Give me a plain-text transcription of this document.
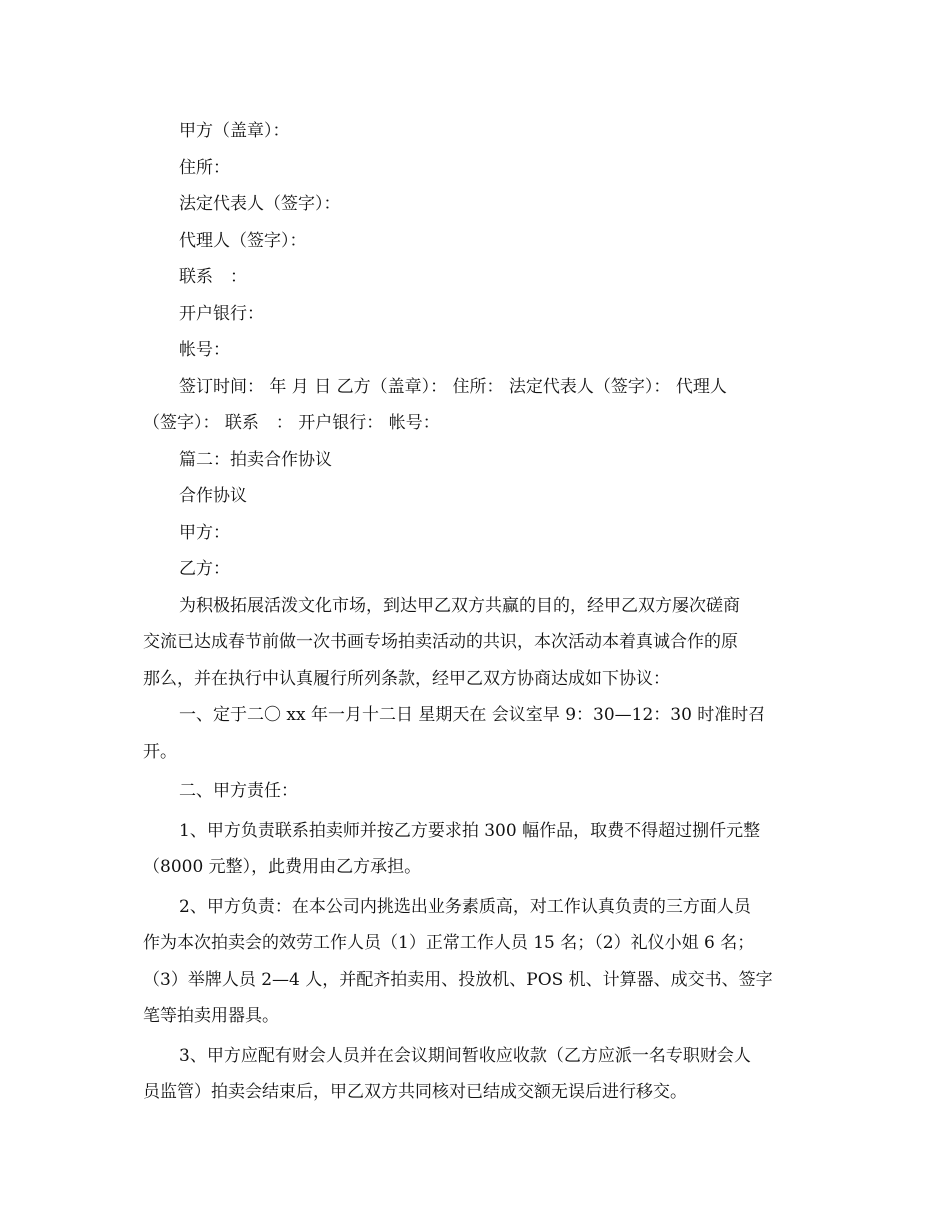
甲方（盖章）：
住所：
法定代表人（签字）：
代理人（签字）：
联系　：
开户银行：
帐号：
签订时间： 年 月 日 乙方（盖章）： 住所： 法定代表人（签字）： 代理人
（签字）： 联系　： 开户银行： 帐号：
篇二：拍卖合作协议
合作协议
甲方：
乙方：
为积极拓展活泼文化市场，到达甲乙双方共赢的目的，经甲乙双方屡次磋商
交流已达成春节前做一次书画专场拍卖活动的共识，本次活动本着真诚合作的原
那么，并在执行中认真履行所列条款，经甲乙双方协商达成如下协议：
一、定于二〇 xx 年一月十二日 星期天在 会议室早 9：30—12：30 时准时召
开。
二、甲方责任：
1、甲方负责联系拍卖师并按乙方要求拍 300 幅作品，取费不得超过捌仟元整
（8000 元整），此费用由乙方承担。
2、甲方负责：在本公司内挑选出业务素质高，对工作认真负责的三方面人员
作为本次拍卖会的效劳工作人员（1）正常工作人员 15 名；（2）礼仪小姐 6 名；
（3）举牌人员 2—4 人，并配齐拍卖用、投放机、POS 机、计算器、成交书、签字
笔等拍卖用器具。
3、甲方应配有财会人员并在会议期间暂收应收款（乙方应派一名专职财会人
员监管）拍卖会结束后，甲乙双方共同核对已结成交额无误后进行移交。
